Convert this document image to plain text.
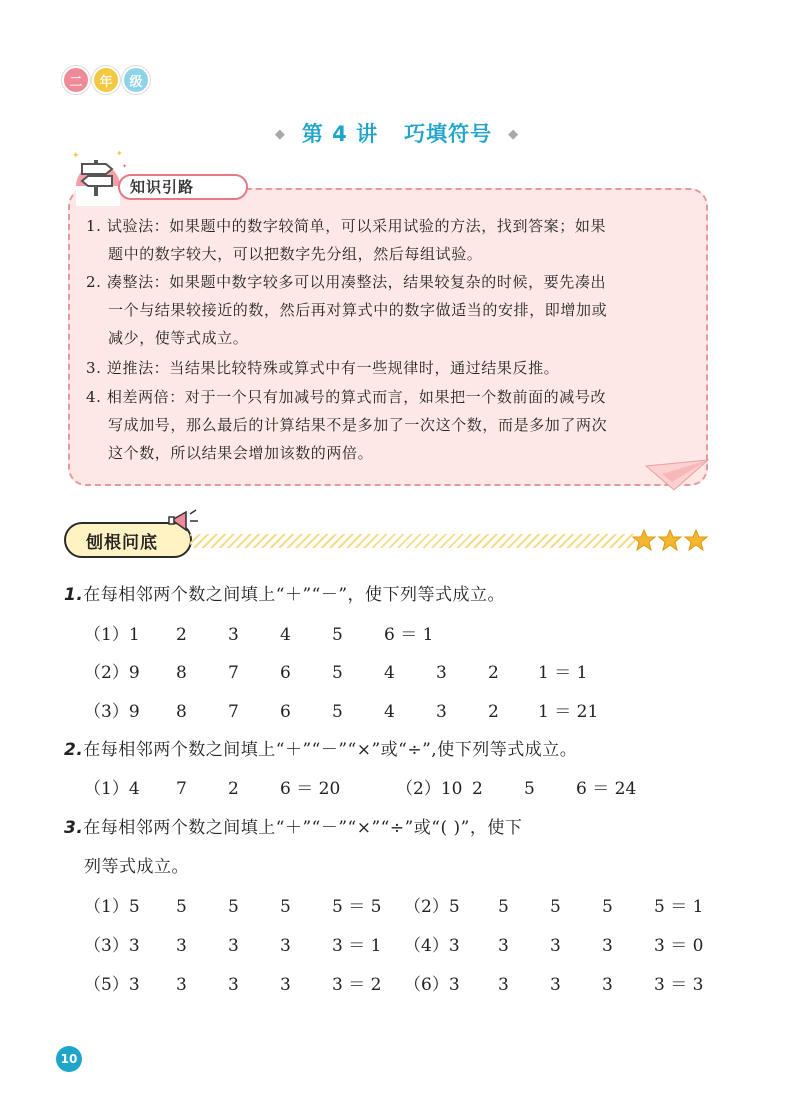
二	年	级
◆ 第 4 讲 巧填符号 ◆
✦	✦
✦
知识引路
1. 试验法：如果题中的数字较简单，可以采用试验的方法，找到答案；如果
题中的数字较大，可以把数字先分组，然后每组试验。
2. 凑整法：如果题中数字较多可以用凑整法，结果较复杂的时候，要先凑出
一个与结果较接近的数，然后再对算式中的数字做适当的安排，即增加或
减少，使等式成立。
3. 逆推法：当结果比较特殊或算式中有一些规律时，通过结果反推。
4. 相差两倍：对于一个只有加减号的算式而言，如果把一个数前面的减号改
写成加号，那么最后的计算结果不是多加了一次这个数，而是多加了两次
这个数，所以结果会增加该数的两倍。
刨根问底
1.在每相邻两个数之间填上“＋”“－”，使下列等式成立。
（1）1 2 3 4 5 6 ＝ 1
（2）9 8 7 6 5 4 3 2 1 ＝ 1
（3）9 8 7 6 5 4 3 2 1 ＝ 21
2.在每相邻两个数之间填上“＋”“－”“×”或“÷”,使下列等式成立。
（1）4 7 2 6 ＝ 20	（2）10 2 5 6 ＝ 24
3.在每相邻两个数之间填上“＋”“－”“×”“÷”或“( )”，使下
列等式成立。
（1）5 5 5 5 5 ＝ 5 （2）5 5 5 5 5 ＝ 1
（3）3 3 3 3 3 ＝ 1 （4）3 3 3 3 3 ＝ 0
（5）3 3 3 3 3 ＝ 2 （6）3 3 3 3 3 ＝ 3
10
